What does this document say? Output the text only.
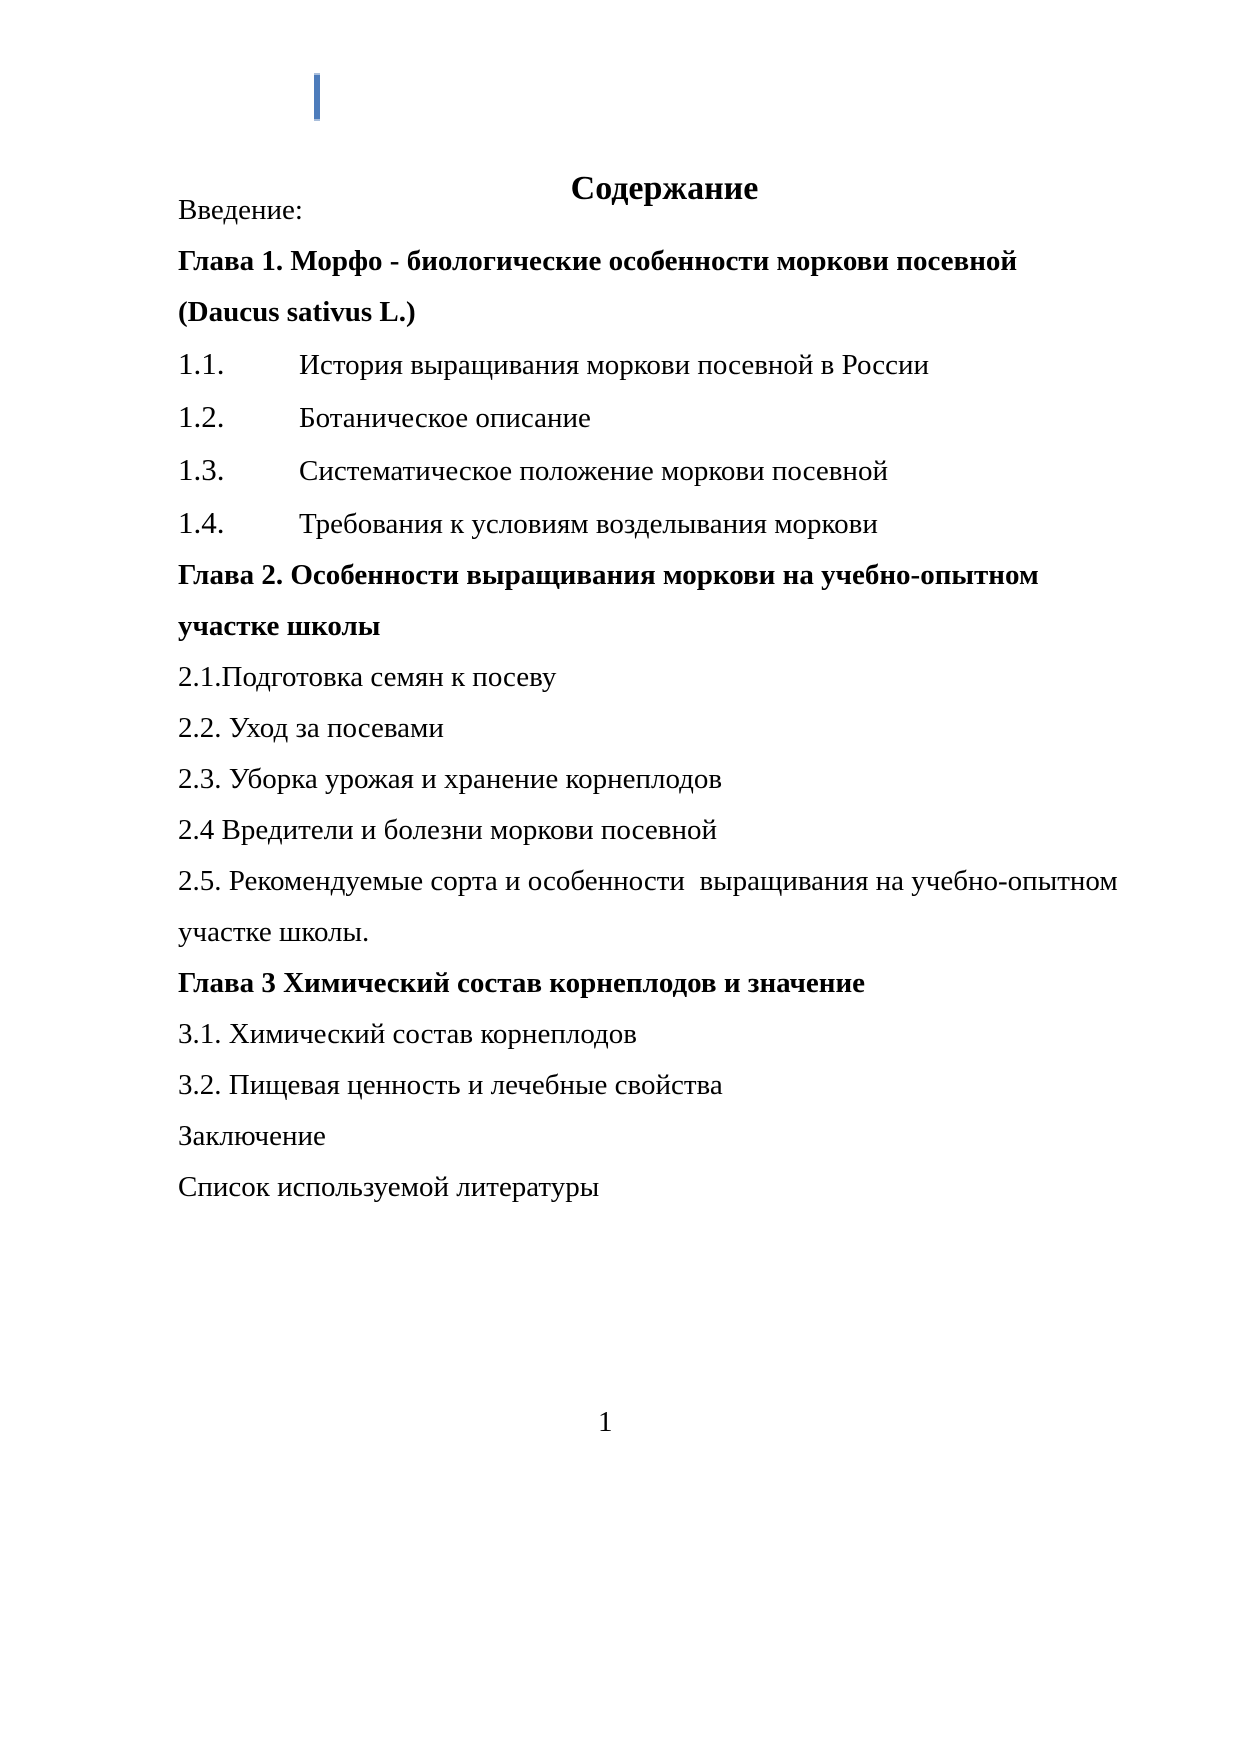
Содержание

Введение:

Глава 1. Морфо - биологические особенности моркови посевной

(Daucus sativus L.)

1.1.	История выращивания моркови посевной в России

1.2.	Ботаническое описание

1.3.	Систематическое положение моркови посевной

1.4.	Требования к условиям возделывания моркови

Глава 2. Особенности выращивания моркови на учебно-опытном

участке школы

2.1.Подготовка семян к посеву

2.2. Уход за посевами

2.3. Уборка урожая и хранение корнеплодов

2.4 Вредители и болезни моркови посевной

2.5. Рекомендуемые сорта и особенности  выращивания на учебно-опытном

участке школы.

Глава 3 Химический состав корнеплодов и значение

3.1. Химический состав корнеплодов

3.2. Пищевая ценность и лечебные свойства

Заключение

Список используемой литературы

1
